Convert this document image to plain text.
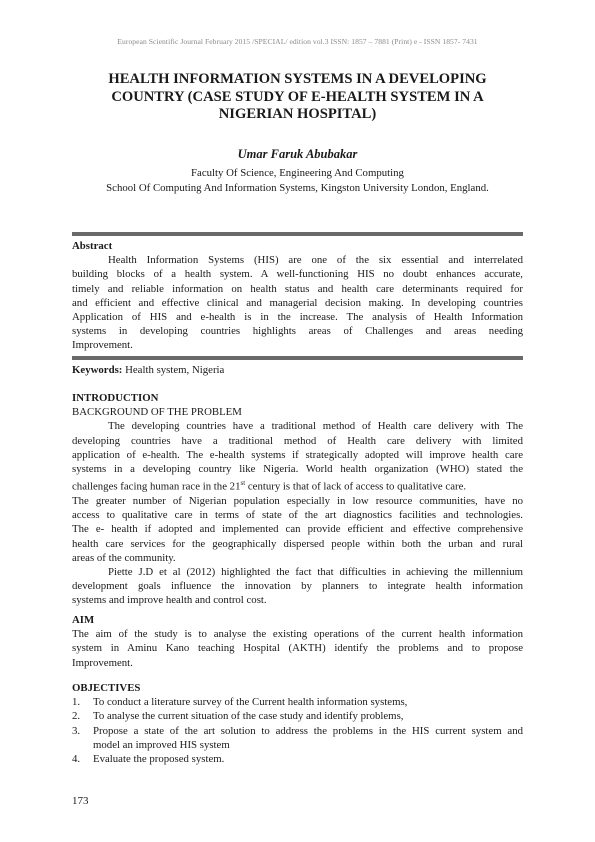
European Scientific Journal February 2015 /SPECIAL/ edition vol.3 ISSN: 1857 – 7881 (Print) e - ISSN 1857- 7431
HEALTH INFORMATION SYSTEMS IN A DEVELOPING
COUNTRY (CASE STUDY OF E-HEALTH SYSTEM IN A
NIGERIAN HOSPITAL)
Umar Faruk Abubakar
Faculty Of Science, Engineering And Computing
School Of Computing And Information Systems, Kingston University London, England.
Abstract
Health Information Systems (HIS) are one of the six essential and interrelated
building blocks of a health system. A well-functioning HIS no doubt enhances accurate,
timely and reliable information on health status and health care determinants required for
and efficient and effective clinical and managerial decision making. In developing countries
Application of HIS and e-health is in the increase. The analysis of Health Information
systems in developing countries highlights areas of Challenges and areas needing
Improvement.
Keywords: Health system, Nigeria
INTRODUCTION
BACKGROUND OF THE PROBLEM
The developing countries have a traditional method of Health care delivery with The
developing countries have a traditional method of Health care delivery with limited
application of e-health. The e-health systems if strategically adopted will improve health care
systems in a developing country like Nigeria. World health organization (WHO) stated the
challenges facing human race in the 21st century is that of lack of access to qualitative care.
The greater number of Nigerian population especially in low resource communities, have no
access to qualitative care in terms of state of the art diagnostics facilities and technologies.
The e- health if adopted and implemented can provide efficient and effective comprehensive
health care services for the geographically dispersed people within both the urban and rural
areas of the community.
Piette J.D et al (2012) highlighted the fact that difficulties in achieving the millennium
development goals influence the innovation by planners to integrate health information
systems and improve health and control cost.
AIM
The aim of the study is to analyse the existing operations of the current health information
system in Aminu Kano teaching Hospital (AKTH) identify the problems and to propose
Improvement.
OBJECTIVES
1.	To conduct a literature survey of the Current health information systems,
2.	To analyse the current situation of the case study and identify problems,
3.	Propose a state of the art solution to address the problems in the HIS current system and
model an improved HIS system
4.	Evaluate the proposed system.
173
